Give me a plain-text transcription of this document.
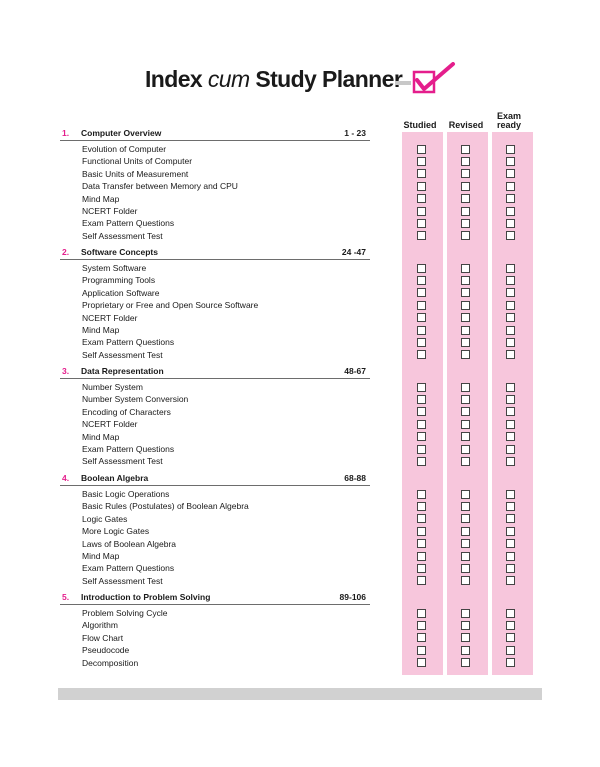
Index cum Study Planner
Studied	Revised
Exam ready
1. Computer Overview	1 - 23
Evolution of Computer
Functional Units of Computer
Basic Units of Measurement
Data Transfer between Memory and CPU
Mind Map
NCERT Folder
Exam Pattern Questions
Self Assessment Test
2. Software Concepts	24 -47
System Software
Programming Tools
Application Software
Proprietary or Free and Open Source Software
NCERT Folder
Mind Map
Exam Pattern Questions
Self Assessment Test
3. Data Representation	48-67
Number System
Number System Conversion
Encoding of Characters
NCERT Folder
Mind Map
Exam Pattern Questions
Self Assessment Test
4. Boolean Algebra	68-88
Basic Logic Operations
Basic Rules (Postulates) of Boolean Algebra
Logic Gates
More Logic Gates
Laws of Boolean Algebra
Mind Map
Exam Pattern Questions
Self Assessment Test
5. Introduction to Problem Solving	89-106
Problem Solving Cycle
Algorithm
Flow Chart
Pseudocode
Decomposition
